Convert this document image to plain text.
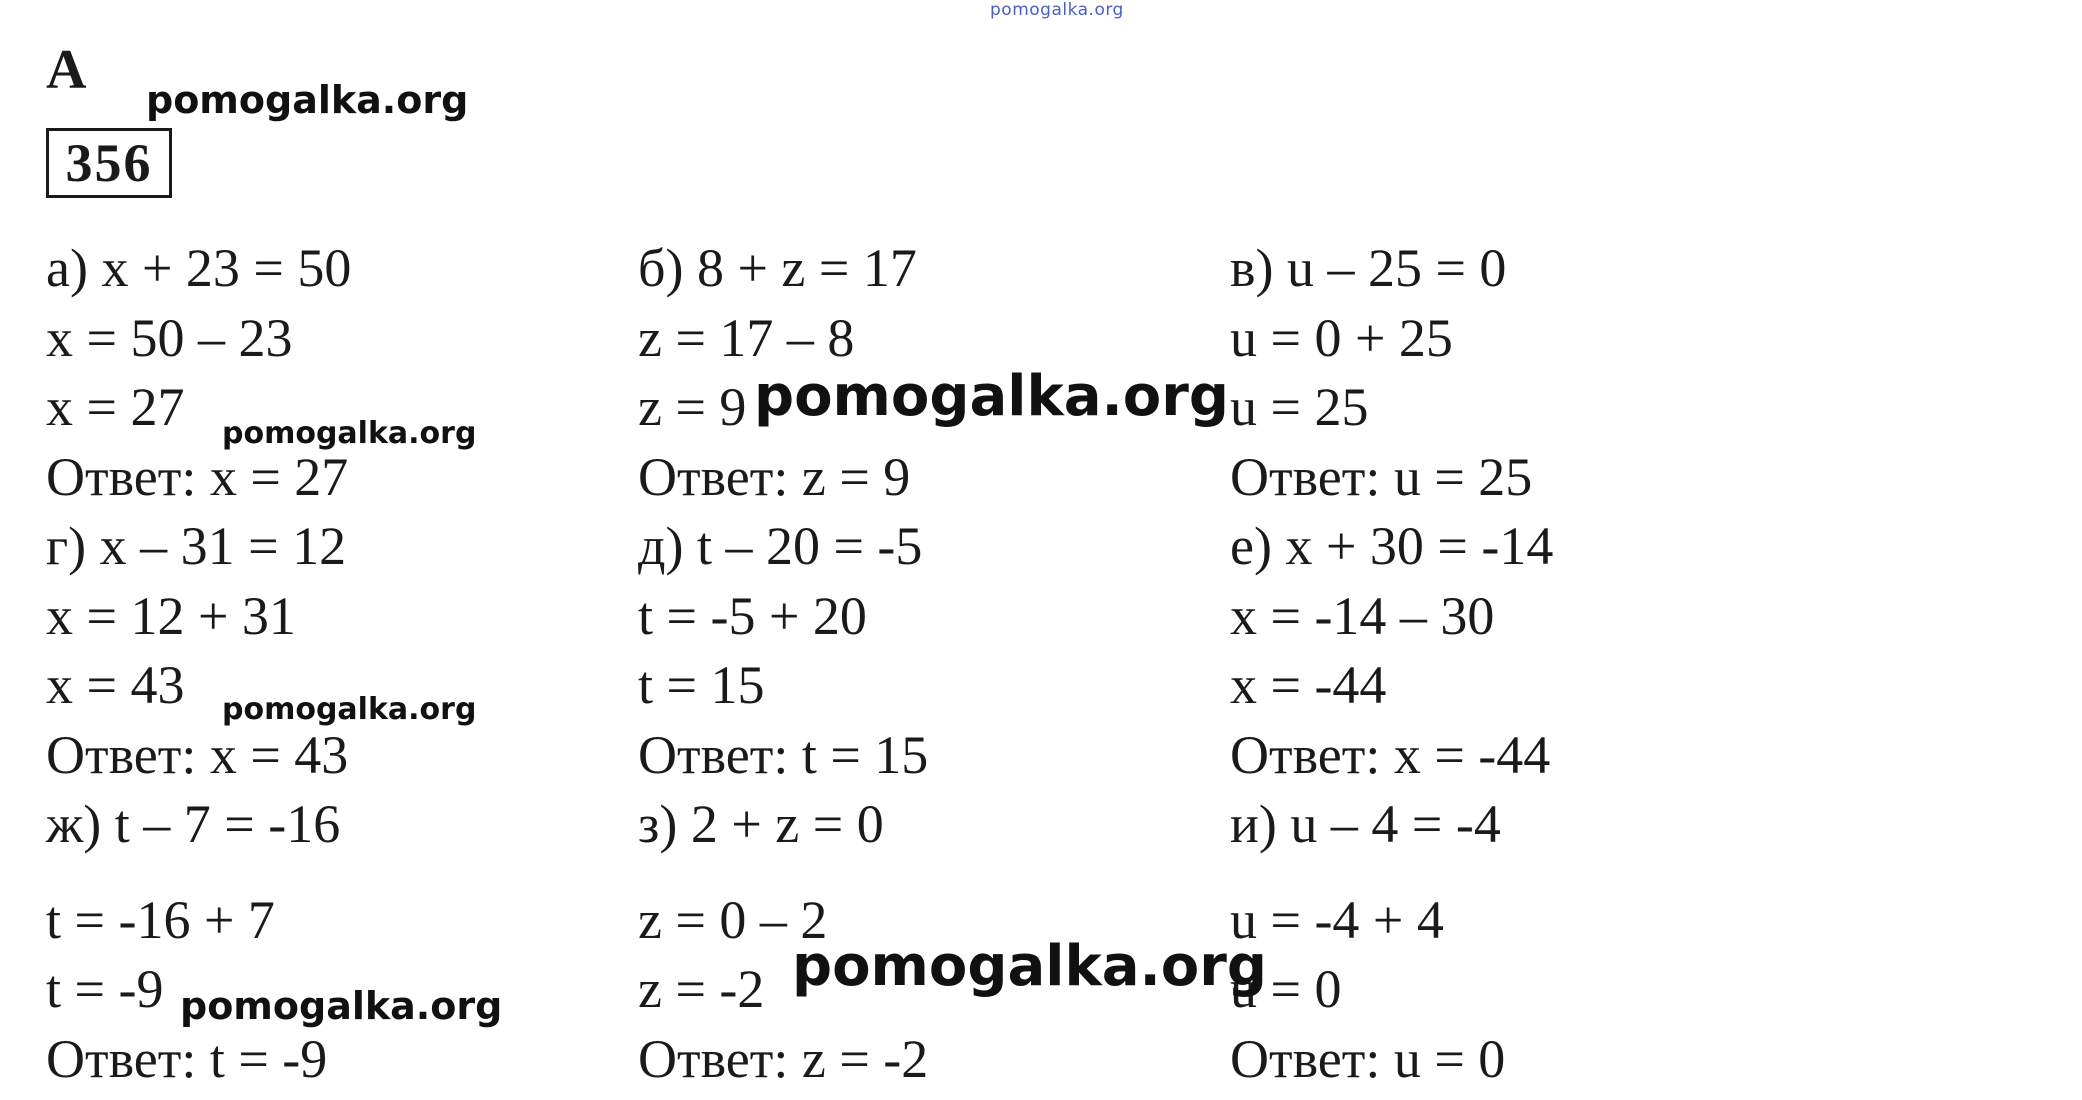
pomogalka.org
А pomogalka.org
356
а) x + 23 = 50
x = 50 – 23
x = 27
Ответ: x = 27
г) x – 31 = 12
x = 12 + 31
x = 43
Ответ: x = 43
ж) t – 7 = -16
t = -16 + 7
t = -9
Ответ: t = -9
б) 8 + z = 17
z = 17 – 8
z = 9
Ответ: z = 9
д) t – 20 = -5
t = -5 + 20
t = 15
Ответ: t = 15
з) 2 + z = 0
z = 0 – 2
z = -2
Ответ: z = -2
в) u – 25 = 0
u = 0 + 25
u = 25
Ответ: u = 25
е) x + 30 = -14
x = -14 – 30
x = -44
Ответ: x = -44
и) u – 4 = -4
u = -4 + 4
u = 0
Ответ: u = 0
pomogalka.org
pomogalka.org
pomogalka.org
pomogalka.org
pomogalka.org
